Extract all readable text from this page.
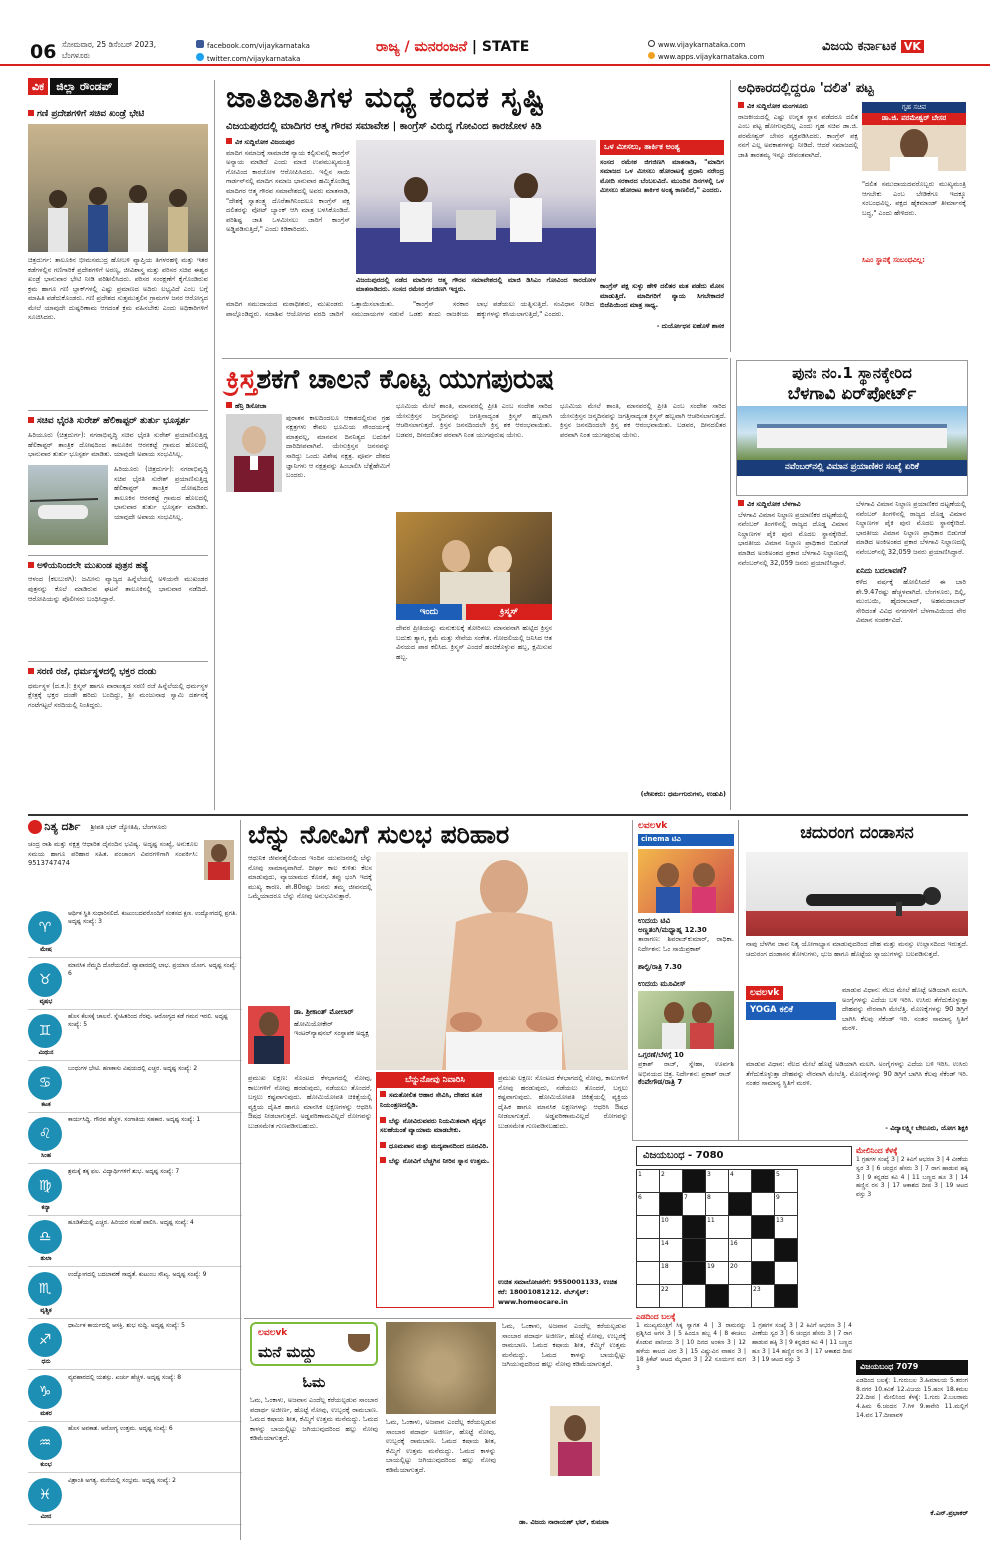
06 ಸೋಮವಾರ, 25 ಡಿಸೆಂಬರ್ 2023,
ಬೆಂಗಳೂರು
facebook.com/vijaykarnataka
twitter.com/vijaykarnataka
ರಾಜ್ಯ / ಮನರಂಜನೆ | STATE	www.vijaykarnataka.com
www.apps.vijaykarnataka.com
ವಿಜಯ ಕರ್ನಾಟಕ VK
ವಿಕ ಜಿಲ್ಲಾ ರೌಂಡಪ್
ಗಣಿ ಪ್ರದೇಶಗಳಿಗೆ ಸಚಿವ ಖಂಡ್ರೆ ಭೇಟಿ
ಚಿತ್ರದುರ್ಗ: ತಾಲೂಕಿನ ಭೀಮಸಮುದ್ರ ಹೋಬಳಿ ವ್ಯಾಪ್ತಿಯ ತಿಗಳರಹಳ್ಳಿ ಮತ್ತು ಇತರ ಕಡೆಗಳಲ್ಲಿನ ಗಣಿಗಾರಿಕೆ ಪ್ರದೇಶಗಳಿಗೆ ಅರಣ್ಯ, ಜೀವಿಶಾಸ್ತ್ರ ಮತ್ತು ಪರಿಸರ ಸಚಿವ ಈಶ್ವರ ಖಂಡ್ರೆ ಭಾನುವಾರ ಭೇಟಿ ನೀಡಿ ಪರಿಶೀಲಿಸಿದರು. ಪರಿಸರ ಸಂರಕ್ಷಣೆಗೆ ಕೈಗೊಂಡಿರುವ ಕ್ರಮ ಹಾಗೂ ಗಣಿ ಬ್ಲಾಕ್‌ಗಳಲ್ಲಿ ಎಷ್ಟು ಪ್ರಮಾಣದ ಅದಿರು ಲಭ್ಯವಿದೆ ಎಂಬ ಬಗ್ಗೆ ಮಾಹಿತಿ ಪಡೆದುಕೊಂಡರು. ಗಣಿ ಪ್ರದೇಶದ ಸುತ್ತಮುತ್ತಲಿನ ಗ್ರಾಮಗಳ ಜನರ ಆರೋಗ್ಯದ ಮೇಲೆ ಯಾವುದೇ ದುಷ್ಪರಿಣಾಮ ಆಗದಂತೆ ಕ್ರಮ ವಹಿಸಬೇಕು ಎಂದು ಅಧಿಕಾರಿಗಳಿಗೆ ಸೂಚಿಸಿದರು.
ಸಚಿವ ಭೈರತಿ ಸುರೇಶ್ ಹೆಲಿಕಾಪ್ಟರ್ ತುರ್ತು ಭೂಸ್ಪರ್ಶ
ಹಿರಿಯೂರು (ಚಿತ್ರದುರ್ಗ): ನಗರಾಭಿವೃದ್ಧಿ ಸಚಿವ ಭೈರತಿ ಸುರೇಶ್ ಪ್ರಯಾಣಿಸುತ್ತಿದ್ದ ಹೆಲಿಕಾಪ್ಟರ್ ತಾಂತ್ರಿಕ ದೋಷದಿಂದ ತಾಲೂಕಿನ ಆರನಕಟ್ಟೆ ಗ್ರಾಮದ ಹೊಲದಲ್ಲಿ ಭಾನುವಾರ ತುರ್ತು ಭೂಸ್ಪರ್ಶ ಮಾಡಿತು. ಯಾವುದೇ ಅಪಾಯ ಸಂಭವಿಸಿಲ್ಲ.
ಹಿರಿಯೂರು (ಚಿತ್ರದುರ್ಗ): ನಗರಾಭಿವೃದ್ಧಿ ಸಚಿವ ಭೈರತಿ ಸುರೇಶ್ ಪ್ರಯಾಣಿಸುತ್ತಿದ್ದ ಹೆಲಿಕಾಪ್ಟರ್ ತಾಂತ್ರಿಕ ದೋಷದಿಂದ ತಾಲೂಕಿನ ಆರನಕಟ್ಟೆ ಗ್ರಾಮದ ಹೊಲದಲ್ಲಿ ಭಾನುವಾರ ತುರ್ತು ಭೂಸ್ಪರ್ಶ ಮಾಡಿತು. ಯಾವುದೇ ಅಪಾಯ ಸಂಭವಿಸಿಲ್ಲ.
ಅಳಿಯನಿಂದಲೇ ಮುಖಂಡ ಪುತ್ರನ ಹತ್ಯೆ
ಆಳಂದ (ಕಲಬುರಗಿ): ಜಮೀನು ವ್ಯಾಜ್ಯದ ಹಿನ್ನೆಲೆಯಲ್ಲಿ ಅಳಿಯನೇ ಮುಖಂಡರ ಪುತ್ರನನ್ನು ಕೊಲೆ ಮಾಡಿರುವ ಘಟನೆ ತಾಲೂಕಿನಲ್ಲಿ ಭಾನುವಾರ ನಡೆದಿದೆ. ಆರೋಪಿಯನ್ನು ಪೊಲೀಸರು ಬಂಧಿಸಿದ್ದಾರೆ.
ಸರಣಿ ರಜೆ, ಧರ್ಮಸ್ಥಳದಲ್ಲಿ ಭಕ್ತರ ದಂಡು
ಧರ್ಮಸ್ಥಳ (ದ.ಕ.): ಕ್ರಿಸ್ಮಸ್ ಹಾಗೂ ವಾರಾಂತ್ಯದ ಸರಣಿ ರಜೆ ಹಿನ್ನೆಲೆಯಲ್ಲಿ ಧರ್ಮಸ್ಥಳ ಕ್ಷೇತ್ರಕ್ಕೆ ಭಕ್ತರ ದಂಡೇ ಹರಿದು ಬಂದಿದ್ದು, ಶ್ರೀ ಮಂಜುನಾಥ ಸ್ವಾಮಿ ದರ್ಶನಕ್ಕೆ ಗಂಟೆಗಟ್ಟಲೆ ಸರದಿಯಲ್ಲಿ ನಿಂತಿದ್ದರು.
ಜಾತಿಜಾತಿಗಳ ಮಧ್ಯೆ ಕಂದಕ ಸೃಷ್ಟಿ
ವಿಜಯಪುರದಲ್ಲಿ ಮಾದಿಗರ ಆತ್ಮ ಗೌರವ ಸಮಾವೇಶ | ಕಾಂಗ್ರೆಸ್ ವಿರುದ್ಧ ಗೋವಿಂದ ಕಾರಜೋಳ ಕಿಡಿ
ವಿಕ ಸುದ್ದಿಲೋಕ ವಿಜಯಪುರ
ಮಾದಿಗ ಸಮಾಜಕ್ಕೆ ಸಾಮಾಜಿಕ ನ್ಯಾಯ ಕಲ್ಪಿಸುವಲ್ಲಿ ಕಾಂಗ್ರೆಸ್ ಅನ್ಯಾಯ ಮಾಡಿದೆ ಎಂದು ಮಾಜಿ ಉಪಮುಖ್ಯಮಂತ್ರಿ ಗೋವಿಂದ ಕಾರಜೋಳ ಆರೋಪಿಸಿದರು. ಇಲ್ಲಿನ ಸಾಯಿ ಗಾರ್ಡನ್‌ನಲ್ಲಿ ಮಾದಿಗ ಸಮಾಜ ಭಾನುವಾರ ಹಮ್ಮಿಕೊಂಡಿದ್ದ ಮಾದಿಗರ ಆತ್ಮ ಗೌರವ ಸಮಾವೇಶದಲ್ಲಿ ಅವರು ಮಾತನಾಡಿ, "ದೇಶಕ್ಕೆ ಸ್ವಾತಂತ್ರ್ಯ ದೊರೆತಾಗಿನಿಂದಲೂ ಕಾಂಗ್ರೆಸ್ ಪಕ್ಷ ದಲಿತರನ್ನು ವೋಟ್ ಬ್ಯಾಂಕ್ ಆಗಿ ಮಾತ್ರ ಬಳಸಿಕೊಂಡಿದೆ. ಪರಿಶಿಷ್ಟ ಜಾತಿ ಒಳಮೀಸಲು ಜಾರಿಗೆ ಕಾಂಗ್ರೆಸ್ ಅಡ್ಡಿಪಡಿಸುತ್ತಿದೆ," ಎಂದು ಕಿಡಿಕಾರಿದರು.
ವಿಜಯಪುರದಲ್ಲಿ ನಡೆದ ಮಾದಿಗರ ಆತ್ಮ ಗೌರವ ಸಮಾವೇಶದಲ್ಲಿ ಮಾಜಿ ಡಿಸಿಎಂ ಗೋವಿಂದ ಕಾರಜೋಳ ಮಾತನಾಡಿದರು. ಸಂಸದ ರಮೇಶ ಜಿಗಜಿಣಗಿ ಇದ್ದರು.
ಮಾದಿಗ ಸಮುದಾಯದ ಮಠಾಧೀಶರು, ಮುಖಂಡರು ಪಾಲ್ಗೊಂಡಿದ್ದರು. ಸದಾಶಿವ ಆಯೋಗದ ವರದಿ ಜಾರಿಗೆ ಒತ್ತಾಯಿಸಲಾಯಿತು. "ಕಾಂಗ್ರೆಸ್ ಸರಕಾರ ಸಮುದಾಯಗಳ ನಡುವೆ ಒಡಕು ತಂದು ರಾಜಕೀಯ ಲಾಭ ಪಡೆಯಲು ಯತ್ನಿಸುತ್ತಿದೆ. ಸಂವಿಧಾನ ನೀಡಿದ ಹಕ್ಕುಗಳನ್ನು ಕಸಿಯಲಾಗುತ್ತಿದೆ," ಎಂದರು.
ಒಳ ಮೀಸಲು, ತಾರ್ಕಿಕ ಅಂತ್ಯ
ಸಂಸದ ರಮೇಶ ಜಿಗಜಿಣಗಿ ಮಾತನಾಡಿ, "ಮಾದಿಗ ಸಮಾಜದ ಒಳ ಮೀಸಲು ಹೋರಾಟಕ್ಕೆ ಪ್ರಧಾನಿ ನರೇಂದ್ರ ಮೋದಿ ಸರಕಾರದ ಬೆಂಬಲವಿದೆ. ಮುಂದಿನ ದಿನಗಳಲ್ಲಿ ಒಳ ಮೀಸಲು ಹೋರಾಟ ತಾರ್ಕಿಕ ಅಂತ್ಯ ಕಾಣಲಿದೆ," ಎಂದರು.
ಕಾಂಗ್ರೆಸ್ ಪಕ್ಷ ಸುಳ್ಳು ಹೇಳಿ ದಲಿತರ ಮತ ಪಡೆದು ಮೋಸ ಮಾಡುತ್ತಿದೆ. ಮಾದಿಗರಿಗೆ ನ್ಯಾಯ ಸಿಗಬೇಕಾದರೆ ಬಿಜೆಪಿಯಿಂದ ಮಾತ್ರ ಸಾಧ್ಯ.
- ದುರ್ಯೋಧನ ಐಹೊಳೆ ಶಾಸಕ
ಅಧಿಕಾರದಲ್ಲಿದ್ದರೂ 'ದಲಿತ' ಪಟ್ಟ
ವಿಕ ಸುದ್ದಿಲೋಕ ಮಂಗಳೂರು
ರಾಜಕೀಯದಲ್ಲಿ ಎಷ್ಟು ಉನ್ನತ ಸ್ಥಾನ ಪಡೆದರೂ ದಲಿತ ಎಂಬ ಪಟ್ಟ ಹೋಗುವುದಿಲ್ಲ ಎಂದು ಗೃಹ ಸಚಿವ ಡಾ.ಜಿ. ಪರಮೇಶ್ವರ್ ಬೇಸರ ವ್ಯಕ್ತಪಡಿಸಿದರು. ಕಾಂಗ್ರೆಸ್ ಪಕ್ಷ ನನಗೆ ಎಲ್ಲ ಅವಕಾಶಗಳನ್ನು ನೀಡಿದೆ. ಆದರೆ ಸಮಾಜದಲ್ಲಿ ಜಾತಿ ತಾರತಮ್ಯ ಇನ್ನೂ ಜೀವಂತವಾಗಿದೆ.
ಗೃಹ ಸಚಿವ
ಡಾ.ಜಿ. ಪರಮೇಶ್ವರ್ ಬೇಸರ
"ದಲಿತ ಸಮುದಾಯದವರೊಬ್ಬರು ಮುಖ್ಯಮಂತ್ರಿ ಆಗಬೇಕು ಎಂಬ ಬೇಡಿಕೆಗೂ ಇದಕ್ಕೂ ಸಂಬಂಧವಿಲ್ಲ. ಪಕ್ಷದ ಹೈಕಮಾಂಡ್ ತೀರ್ಮಾನಕ್ಕೆ ಬದ್ಧ," ಎಂದು ಹೇಳಿದರು.
ಸಿಎಂ ಸ್ಥಾನಕ್ಕೆ ಸಂಬಂಧವಿಲ್ಲ:
ಕ್ರಿಸ್ತಶಕಗೆ ಚಾಲನೆ ಕೊಟ್ಟ ಯುಗಪುರುಷ
ಹೆನ್ರಿ ಡಿಸೋಜಾ
ಪುರಾತನ ಕಾಲದಿಂದಲೂ ಆಕಾಶದಲ್ಲಿರುವ ಗ್ರಹ ನಕ್ಷತ್ರಗಳು ಕೇವಲ ಭೂಮಿಯ ಸೌಂದರ್ಯಕ್ಕೆ ಮಾತ್ರವಲ್ಲ, ಮಾನವನ ದಿನನಿತ್ಯದ ಬದುಕಿಗೆ ದಾರಿದೀಪವಾಗಿವೆ. ಯೇಸುಕ್ರಿಸ್ತನ ಜನನವನ್ನು ಸಾರಿದ್ದು ಒಂದು ವಿಶೇಷ ನಕ್ಷತ್ರ. ಪೂರ್ವ ದೇಶದ ಜ್ಞಾನಿಗಳು ಆ ನಕ್ಷತ್ರವನ್ನು ಹಿಂಬಾಲಿಸಿ ಬೆತ್ಲೆಹೇಮಿಗೆ ಬಂದರು.
ಭೂಮಿಯ ಮೇಲೆ ಶಾಂತಿ, ಮಾನವರಲ್ಲಿ ಪ್ರೀತಿ ಎಂಬ ಸಂದೇಶ ಸಾರಿದ ಯೇಸುಕ್ರಿಸ್ತನ ಜನ್ಮದಿನವನ್ನು ಜಗತ್ತಿನಾದ್ಯಂತ ಕ್ರಿಸ್ಮಸ್ ಹಬ್ಬವಾಗಿ ಆಚರಿಸಲಾಗುತ್ತದೆ. ಕ್ರಿಸ್ತನ ಜನನದಿಂದಲೇ ಕ್ರಿಸ್ತ ಶಕ ಆರಂಭವಾಯಿತು. ಬಡವರ, ದೀನದಲಿತರ ಪರವಾಗಿ ನಿಂತ ಯುಗಪುರುಷ ಯೇಸು.
ಇಂದು	ಕ್ರಿಸ್ಮಸ್
ದೇವರ ಪ್ರೀತಿಯನ್ನು ಮನುಕುಲಕ್ಕೆ ತೋರಿಸಲು ಮಾನವನಾಗಿ ಹುಟ್ಟಿದ ಕ್ರಿಸ್ತನ ಬದುಕು ತ್ಯಾಗ, ಕ್ಷಮೆ ಮತ್ತು ಸೇವೆಯ ಸಂಕೇತ. ಗೋದಲಿಯಲ್ಲಿ ಜನಿಸಿದ ಆತ ವಿನಯದ ಪಾಠ ಕಲಿಸಿದ. ಕ್ರಿಸ್ಮಸ್ ಎಂದರೆ ಹಂಚಿಕೊಳ್ಳುವ ಹಬ್ಬ, ಕ್ಷಮಿಸುವ ಹಬ್ಬ.
ಭೂಮಿಯ ಮೇಲೆ ಶಾಂತಿ, ಮಾನವರಲ್ಲಿ ಪ್ರೀತಿ ಎಂಬ ಸಂದೇಶ ಸಾರಿದ ಯೇಸುಕ್ರಿಸ್ತನ ಜನ್ಮದಿನವನ್ನು ಜಗತ್ತಿನಾದ್ಯಂತ ಕ್ರಿಸ್ಮಸ್ ಹಬ್ಬವಾಗಿ ಆಚರಿಸಲಾಗುತ್ತದೆ. ಕ್ರಿಸ್ತನ ಜನನದಿಂದಲೇ ಕ್ರಿಸ್ತ ಶಕ ಆರಂಭವಾಯಿತು. ಬಡವರ, ದೀನದಲಿತರ ಪರವಾಗಿ ನಿಂತ ಯುಗಪುರುಷ ಯೇಸು.
(ಲೇಖಕರು: ಧರ್ಮಗುರುಗಳು, ಉಡುಪಿ)
ಪುನಃ ನಂ.1 ಸ್ಥಾನಕ್ಕೇರಿದ
ಬೆಳಗಾವಿ ಏರ್‌ಪೋರ್ಟ್
ನವೆಂಬರ್‌ನಲ್ಲಿ ವಿಮಾನ ಪ್ರಯಾಣಿಕರ ಸಂಖ್ಯೆ ಏರಿಕೆ
ವಿಕ ಸುದ್ದಿಲೋಕ ಬೆಳಗಾವಿ
ಬೆಳಗಾವಿ ವಿಮಾನ ನಿಲ್ದಾಣ ಪ್ರಯಾಣಿಕರ ದಟ್ಟಣೆಯಲ್ಲಿ ನವೆಂಬರ್ ತಿಂಗಳಿನಲ್ಲಿ ರಾಜ್ಯದ ದೊಡ್ಡ ವಿಮಾನ ನಿಲ್ದಾಣಗಳ ಪೈಕಿ ಪುನಃ ಮೊದಲ ಸ್ಥಾನಕ್ಕೇರಿದೆ. ಭಾರತೀಯ ವಿಮಾನ ನಿಲ್ದಾಣ ಪ್ರಾಧಿಕಾರ ಬಿಡುಗಡೆ ಮಾಡಿದ ಅಂಕಿಅಂಶದ ಪ್ರಕಾರ ಬೆಳಗಾವಿ ನಿಲ್ದಾಣದಲ್ಲಿ ನವೆಂಬರ್‌ನಲ್ಲಿ 32,059 ಜನರು ಪ್ರಯಾಣಿಸಿದ್ದಾರೆ.
ಬೆಳಗಾವಿ ವಿಮಾನ ನಿಲ್ದಾಣ ಪ್ರಯಾಣಿಕರ ದಟ್ಟಣೆಯಲ್ಲಿ ನವೆಂಬರ್ ತಿಂಗಳಿನಲ್ಲಿ ರಾಜ್ಯದ ದೊಡ್ಡ ವಿಮಾನ ನಿಲ್ದಾಣಗಳ ಪೈಕಿ ಪುನಃ ಮೊದಲ ಸ್ಥಾನಕ್ಕೇರಿದೆ. ಭಾರತೀಯ ವಿಮಾನ ನಿಲ್ದಾಣ ಪ್ರಾಧಿಕಾರ ಬಿಡುಗಡೆ ಮಾಡಿದ ಅಂಕಿಅಂಶದ ಪ್ರಕಾರ ಬೆಳಗಾವಿ ನಿಲ್ದಾಣದಲ್ಲಿ ನವೆಂಬರ್‌ನಲ್ಲಿ 32,059 ಜನರು ಪ್ರಯಾಣಿಸಿದ್ದಾರೆ.
ಏನಿದು ಬದಲಾವಣೆ?
ಕಳೆದ ವರ್ಷಕ್ಕೆ ಹೋಲಿಸಿದರೆ ಈ ಬಾರಿ ಶೇ.9.47ರಷ್ಟು ಹೆಚ್ಚಳವಾಗಿದೆ. ಬೆಂಗಳೂರು, ದಿಲ್ಲಿ, ಮುಂಬಯಿ, ಹೈದರಾಬಾದ್, ಅಹಮದಾಬಾದ್ ಸೇರಿದಂತೆ ವಿವಿಧ ನಗರಗಳಿಗೆ ಬೆಳಗಾವಿಯಿಂದ ನೇರ ವಿಮಾನ ಸಂಪರ್ಕವಿದೆ.
ನಿತ್ಯ ದರ್ಶಿ ಶ್ರೀಪತಿ ಭಟ್ ಜ್ಯೋತಿಷಿ, ಬೆಂಗಳೂರು
ಚಂದ್ರ ರಾಶಿ ಮತ್ತು ನಕ್ಷತ್ರ ಆಧಾರಿತ ದೈನಂದಿನ ಭವಿಷ್ಯ. ಅದೃಷ್ಟ ಸಂಖ್ಯೆ, ಅನುಕೂಲ ಸಮಯ ಹಾಗೂ ಪರಿಹಾರ ಸಹಿತ. ಪಂಚಾಂಗ ವಿವರಗಳಿಗಾಗಿ ಸಂಪರ್ಕಿಸಿ: 9513747474
♈
ಮೇಷ
ಆರ್ಥಿಕ ಸ್ಥಿತಿ ಸುಧಾರಿಸಲಿದೆ. ಕುಟುಂಬದವರೊಂದಿಗೆ ಸಂತಸದ ಕ್ಷಣ. ಉದ್ಯೋಗದಲ್ಲಿ ಪ್ರಗತಿ. ಅದೃಷ್ಟ ಸಂಖ್ಯೆ: 3
♉
ವೃಷಭ
ಮಾನಸಿಕ ನೆಮ್ಮದಿ ದೊರೆಯಲಿದೆ. ವ್ಯಾಪಾರದಲ್ಲಿ ಲಾಭ. ಪ್ರಯಾಣ ಯೋಗ. ಅದೃಷ್ಟ ಸಂಖ್ಯೆ: 6
♊
ಮಿಥುನ
ಹೊಸ ಕೆಲಸಕ್ಕೆ ಚಾಲನೆ. ಸ್ನೇಹಿತರಿಂದ ನೆರವು. ಆರೋಗ್ಯದ ಕಡೆ ಗಮನ ಇರಲಿ. ಅದೃಷ್ಟ ಸಂಖ್ಯೆ: 5
♋
ಕಟಕ
ಬಂಧುಗಳ ಭೇಟಿ. ಹಣಕಾಸು ವಿಷಯದಲ್ಲಿ ಎಚ್ಚರ. ಅದೃಷ್ಟ ಸಂಖ್ಯೆ: 2
♌
ಸಿಂಹ
ಕಾರ್ಯಸಿದ್ಧಿ. ಗೌರವ ಹೆಚ್ಚಳ. ಸಂಗಾತಿಯ ಸಹಕಾರ. ಅದೃಷ್ಟ ಸಂಖ್ಯೆ: 1
♍
ಕನ್ಯಾ
ಶ್ರಮಕ್ಕೆ ತಕ್ಕ ಫಲ. ವಿದ್ಯಾರ್ಥಿಗಳಿಗೆ ಶುಭ. ಅದೃಷ್ಟ ಸಂಖ್ಯೆ: 7
♎
ತುಲಾ
ಹೂಡಿಕೆಯಲ್ಲಿ ಎಚ್ಚರ. ಹಿರಿಯರ ಸಲಹೆ ಪಾಲಿಸಿ. ಅದೃಷ್ಟ ಸಂಖ್ಯೆ: 4
♏
ವೃಶ್ಚಿಕ
ಉದ್ಯೋಗದಲ್ಲಿ ಬದಲಾವಣೆ ಸಾಧ್ಯತೆ. ಕುಟುಂಬ ಸೌಖ್ಯ. ಅದೃಷ್ಟ ಸಂಖ್ಯೆ: 9
♐
ಧನು
ಧಾರ್ಮಿಕ ಕಾರ್ಯದಲ್ಲಿ ಆಸಕ್ತಿ. ಶುಭ ಸುದ್ದಿ. ಅದೃಷ್ಟ ಸಂಖ್ಯೆ: 5
♑
ಮಕರ
ವ್ಯವಹಾರದಲ್ಲಿ ಯಶಸ್ಸು. ಖರ್ಚು ಹೆಚ್ಚಳ. ಅದೃಷ್ಟ ಸಂಖ್ಯೆ: 8
♒
ಕುಂಭ
ಹೊಸ ಅವಕಾಶ. ಆರೋಗ್ಯ ಉತ್ತಮ. ಅದೃಷ್ಟ ಸಂಖ್ಯೆ: 6
♓
ಮೀನ
ವಿಶ್ರಾಂತಿ ಅಗತ್ಯ. ಮನೆಯಲ್ಲಿ ಸಂಭ್ರಮ. ಅದೃಷ್ಟ ಸಂಖ್ಯೆ: 2
ಬೆನ್ನು ನೋವಿಗೆ ಸುಲಭ ಪರಿಹಾರ
ಆಧುನಿಕ ಜೀವನಶೈಲಿಯಿಂದ ಇಂದಿನ ಯುವಜನರಲ್ಲಿ ಬೆನ್ನು ನೋವು ಸಾಮಾನ್ಯವಾಗಿದೆ. ದೀರ್ಘ ಕಾಲ ಕುಳಿತು ಕೆಲಸ ಮಾಡುವುದು, ವ್ಯಾಯಾಮದ ಕೊರತೆ, ತಪ್ಪು ಭಂಗಿ ಇದಕ್ಕೆ ಮುಖ್ಯ ಕಾರಣ. ಶೇ.80ರಷ್ಟು ಜನರು ತಮ್ಮ ಜೀವನದಲ್ಲಿ ಒಮ್ಮೆಯಾದರೂ ಬೆನ್ನು ನೋವು ಅನುಭವಿಸುತ್ತಾರೆ.
ಡಾ. ಶ್ರೀಕಾಂತ್ ಮೋಲಾರ್
ಹೋಮಿಯೋಕೇರ್ ಇಂಟರ್‌ನ್ಯಾಷನಲ್ ಸಂಸ್ಥಾಪಕ ಅಧ್ಯಕ್ಷ
ಪ್ರಮುಖ ಲಕ್ಷಣ: ಸೊಂಟದ ಕೆಳಭಾಗದಲ್ಲಿ ನೋವು, ಕಾಲುಗಳಿಗೆ ನೋವು ಹರಡುವುದು, ನಡೆಯಲು ತೊಂದರೆ, ಬಗ್ಗಲು ಕಷ್ಟವಾಗುವುದು. ಹೋಮಿಯೋಪತಿ ಚಿಕಿತ್ಸೆಯಲ್ಲಿ ವ್ಯಕ್ತಿಯ ದೈಹಿಕ ಹಾಗೂ ಮಾನಸಿಕ ಲಕ್ಷಣಗಳನ್ನು ಆಧರಿಸಿ ಔಷಧ ನೀಡಲಾಗುತ್ತದೆ. ಅಡ್ಡಪರಿಣಾಮವಿಲ್ಲದೆ ರೋಗವನ್ನು ಬುಡಸಮೇತ ಗುಣಪಡಿಸಬಹುದು.
ಬೆನ್ನುನೋವು ನಿವಾರಿಸಿ
ಸಮತೋಲಿತ ಆಹಾರ ಸೇವಿಸಿ, ದೇಹದ ತೂಕ ನಿಯಂತ್ರಣದಲ್ಲಿಡಿ.
ಬೆನ್ನು ನೋವಿರುವವರು ನಿಯಮಿತವಾಗಿ ವೈದ್ಯರ ಸಲಹೆಯಂತೆ ವ್ಯಾಯಾಮ ಮಾಡಬೇಕು.
ಧೂಮಪಾನ ಮತ್ತು ಮದ್ಯಪಾನದಿಂದ ದೂರವಿರಿ.
ಬೆನ್ನು ನೋವಿಗೆ ಬೆಚ್ಚಗಿನ ನೀರಿನ ಸ್ನಾನ ಉತ್ತಮ.
ಪ್ರಮುಖ ಲಕ್ಷಣ: ಸೊಂಟದ ಕೆಳಭಾಗದಲ್ಲಿ ನೋವು, ಕಾಲುಗಳಿಗೆ ನೋವು ಹರಡುವುದು, ನಡೆಯಲು ತೊಂದರೆ, ಬಗ್ಗಲು ಕಷ್ಟವಾಗುವುದು. ಹೋಮಿಯೋಪತಿ ಚಿಕಿತ್ಸೆಯಲ್ಲಿ ವ್ಯಕ್ತಿಯ ದೈಹಿಕ ಹಾಗೂ ಮಾನಸಿಕ ಲಕ್ಷಣಗಳನ್ನು ಆಧರಿಸಿ ಔಷಧ ನೀಡಲಾಗುತ್ತದೆ. ಅಡ್ಡಪರಿಣಾಮವಿಲ್ಲದೆ ರೋಗವನ್ನು ಬುಡಸಮೇತ ಗುಣಪಡಿಸಬಹುದು.
ಉಚಿತ ಸಮಾಲೋಚನೆಗೆ: 9550001133, ಉಚಿತ ಕರೆ: 18001081212. ವೆಬ್‌ಸೈಟ್: www.homeocare.in
ಲವಲvk
cinema ಟಿವಿ
ಉದಯ ಟಿವಿ
ಅಣ್ಣತಂಗಿ/ಮಧ್ಯಾಹ್ನ 12.30
ತಾರಾಗಣ: ಶಿವರಾಜ್‌ಕುಮಾರ್, ರಾಧಿಕಾ. ನಿರ್ದೇಶನ: ಓಂ ಸಾಯಿಪ್ರಕಾಶ್
ಶಾಲ್ಟಿ/ರಾತ್ರಿ 7.30
ಉದಯ ಮೂವೀಸ್
ಒಗ್ಗರಣೆ/ಬೆಳಗ್ಗೆ 10
ಪ್ರಕಾಶ್ ರಾಜ್, ಸ್ನೇಹಾ, ಊರ್ವಶಿ ಅಭಿನಯದ ಚಿತ್ರ. ನಿರ್ದೇಶನ: ಪ್ರಕಾಶ್ ರಾಜ್
ಕೆಂಪೇಗೌಡ/ರಾತ್ರಿ 7
ಚದುರಂಗ ದಂಡಾಸನ
ನಾವು ಬೆಳಗಿನ ಜಾವ ನಿತ್ಯ ಯೋಗಾಭ್ಯಾಸ ಮಾಡುವುದರಿಂದ ದೇಹ ಮತ್ತು ಮನಸ್ಸು ಉಲ್ಲಾಸದಿಂದ ಇರುತ್ತದೆ. ಚದುರಂಗ ದಂಡಾಸನ ತೋಳುಗಳು, ಭುಜ ಹಾಗೂ ಹೊಟ್ಟೆಯ ಸ್ನಾಯುಗಳನ್ನು ಬಲಪಡಿಸುತ್ತದೆ.
ಲವಲvk
YOGA ಕಲಿಕೆ
ಮಾಡುವ ವಿಧಾನ: ನೆಲದ ಮೇಲೆ ಹೊಟ್ಟೆ ಅಡಿಯಾಗಿ ಮಲಗಿ. ಅಂಗೈಗಳನ್ನು ಎದೆಯ ಬಳಿ ಇರಿಸಿ. ಉಸಿರು ತೆಗೆದುಕೊಳ್ಳುತ್ತಾ ದೇಹವನ್ನು ನೇರವಾಗಿ ಮೇಲೆತ್ತಿ. ಮೊಣಕೈಗಳನ್ನು 90 ಡಿಗ್ರಿಗೆ ಬಾಗಿಸಿ ಕೆಲವು ಸೆಕೆಂಡ್ ಇರಿ. ನಂತರ ಸಾಮಾನ್ಯ ಸ್ಥಿತಿಗೆ ಮರಳಿ.
ಮಾಡುವ ವಿಧಾನ: ನೆಲದ ಮೇಲೆ ಹೊಟ್ಟೆ ಅಡಿಯಾಗಿ ಮಲಗಿ. ಅಂಗೈಗಳನ್ನು ಎದೆಯ ಬಳಿ ಇರಿಸಿ. ಉಸಿರು ತೆಗೆದುಕೊಳ್ಳುತ್ತಾ ದೇಹವನ್ನು ನೇರವಾಗಿ ಮೇಲೆತ್ತಿ. ಮೊಣಕೈಗಳನ್ನು 90 ಡಿಗ್ರಿಗೆ ಬಾಗಿಸಿ ಕೆಲವು ಸೆಕೆಂಡ್ ಇರಿ. ನಂತರ ಸಾಮಾನ್ಯ ಸ್ಥಿತಿಗೆ ಮರಳಿ.
- ವಿದ್ಯಾಲಕ್ಷ್ಮೀ ಬೇಲೂರು, ಯೋಗ ಶಿಕ್ಷಕಿ
ಲವಲvk
ಮನೆ ಮದ್ದು
ಓಮ
ಓಮ, ಓಂಕಾಳು, ಅಜವಾನ ಎಂದೆಲ್ಲ ಕರೆಯಲ್ಪಡುವ ಸಾಂಬಾರ ಪದಾರ್ಥ ಅಜೀರ್ಣ, ಹೊಟ್ಟೆ ನೋವು, ಉಬ್ಬರಕ್ಕೆ ರಾಮಬಾಣ. ಓಮದ ಕಷಾಯ ಶೀತ, ಕೆಮ್ಮಿಗೆ ಉತ್ತಮ ಮನೆಮದ್ದು. ಓಮದ ಕಾಳನ್ನು ಬಾಯಲ್ಲಿಟ್ಟು ಜಗಿಯುವುದರಿಂದ ಹಲ್ಲು ನೋವು ಕಡಿಮೆಯಾಗುತ್ತದೆ.
ಓಮ, ಓಂಕಾಳು, ಅಜವಾನ ಎಂದೆಲ್ಲ ಕರೆಯಲ್ಪಡುವ ಸಾಂಬಾರ ಪದಾರ್ಥ ಅಜೀರ್ಣ, ಹೊಟ್ಟೆ ನೋವು, ಉಬ್ಬರಕ್ಕೆ ರಾಮಬಾಣ. ಓಮದ ಕಷಾಯ ಶೀತ, ಕೆಮ್ಮಿಗೆ ಉತ್ತಮ ಮನೆಮದ್ದು. ಓಮದ ಕಾಳನ್ನು ಬಾಯಲ್ಲಿಟ್ಟು ಜಗಿಯುವುದರಿಂದ ಹಲ್ಲು ನೋವು ಕಡಿಮೆಯಾಗುತ್ತದೆ.
ಓಮ, ಓಂಕಾಳು, ಅಜವಾನ ಎಂದೆಲ್ಲ ಕರೆಯಲ್ಪಡುವ ಸಾಂಬಾರ ಪದಾರ್ಥ ಅಜೀರ್ಣ, ಹೊಟ್ಟೆ ನೋವು, ಉಬ್ಬರಕ್ಕೆ ರಾಮಬಾಣ. ಓಮದ ಕಷಾಯ ಶೀತ, ಕೆಮ್ಮಿಗೆ ಉತ್ತಮ ಮನೆಮದ್ದು. ಓಮದ ಕಾಳನ್ನು ಬಾಯಲ್ಲಿಟ್ಟು ಜಗಿಯುವುದರಿಂದ ಹಲ್ಲು ನೋವು ಕಡಿಮೆಯಾಗುತ್ತದೆ.
ಡಾ. ವಿಜಯ ನಾರಾಯಣ್ ಭಟ್, ಕುಮಟಾ
ವಿಜಯಬಂಧ - 7080
1	2		3	4		5
6		7	8			9
	10		11			13
	14			16		
	18		19	20		
	22				23	
ಎಡದಿಂದ ಬಲಕ್ಕೆ
1 ಮುಖ್ಯಮಂತ್ರಿಗೆ ಸಿಕ್ಕ ಸ್ವಾಗತ 4 | 3 ರಾಮನನ್ನು ಪ್ರಶ್ನಿಸಿದ ಅಗಸ 3 | 5 ಹಿಂದೂ ಹಬ್ಬ 4 | 8 ಈಚಲು ಕೊಡುವ ಪಾನೀಯ 3 | 10 ದಿನದ ಅಂಕಣ 3 | 12 ಹಳೆಯ ಕಾಲದ ವೀರ 3 | 15 ವಿಷ್ಣುವಿನ ವಾಹನ 3 | 18 ಕ್ರಿಕೆಟ್ ಆಟದ ಮೈದಾನ 3 | 22 ಸೂರ್ಯನ ಮಗ 3
1 ಗ್ರಹಗಳ ಸಂಖ್ಯೆ 3 | 2 ಕಿವಿಗೆ ಆಭರಣ 3 | 4 ವೀಣೆಯ ಸ್ವರ 3 | 6 ಚಂದ್ರನ ಹೆಸರು 3 | 7 ರಾಗ ಹಾಡುವ ಹಕ್ಕಿ 3 | 9 ಕನ್ನಡದ ಕವಿ 4 | 11 ಬಣ್ಣದ ಹೂ 3 | 14 ಹಣ್ಣಿನ ರಸ 3 | 17 ಆಕಾಶದ ದೀಪ 3 | 19 ಆಟದ ವಸ್ತು 3
ಮೇಲಿನಿಂದ ಕೆಳಕ್ಕೆ
1 ಗ್ರಹಗಳ ಸಂಖ್ಯೆ 3 | 2 ಕಿವಿಗೆ ಆಭರಣ 3 | 4 ವೀಣೆಯ ಸ್ವರ 3 | 6 ಚಂದ್ರನ ಹೆಸರು 3 | 7 ರಾಗ ಹಾಡುವ ಹಕ್ಕಿ 3 | 9 ಕನ್ನಡದ ಕವಿ 4 | 11 ಬಣ್ಣದ ಹೂ 3 | 14 ಹಣ್ಣಿನ ರಸ 3 | 17 ಆಕಾಶದ ದೀಪ 3 | 19 ಆಟದ ವಸ್ತು 3
ವಿಜಯಬಂಧ 7079
ಎಡದಿಂದ ಬಲಕ್ಕೆ: 1.ಗುರುಬಲ 3.ಹಿಮಾಲಯ 5.ತರಂಗ 8.ನಗರ 10.ಕವಿತೆ 12.ವಿಜಯ 15.ಹಂಸ 18.ಕಮಲ 22.ದೀಪ | ಮೇಲಿನಿಂದ ಕೆಳಕ್ಕೆ: 1.ಗುರು 2.ಬಲರಾಮ 4.ಹಿಮ 6.ಚಂದನ 7.ಗಿಳಿ 9.ಕಾವೇರಿ 11.ಮಲ್ಲಿಗೆ 14.ವನ 17.ದೀಪಾವಳಿ
ಕೆ.ಎನ್.ಪ್ರಭಾಕರ್
